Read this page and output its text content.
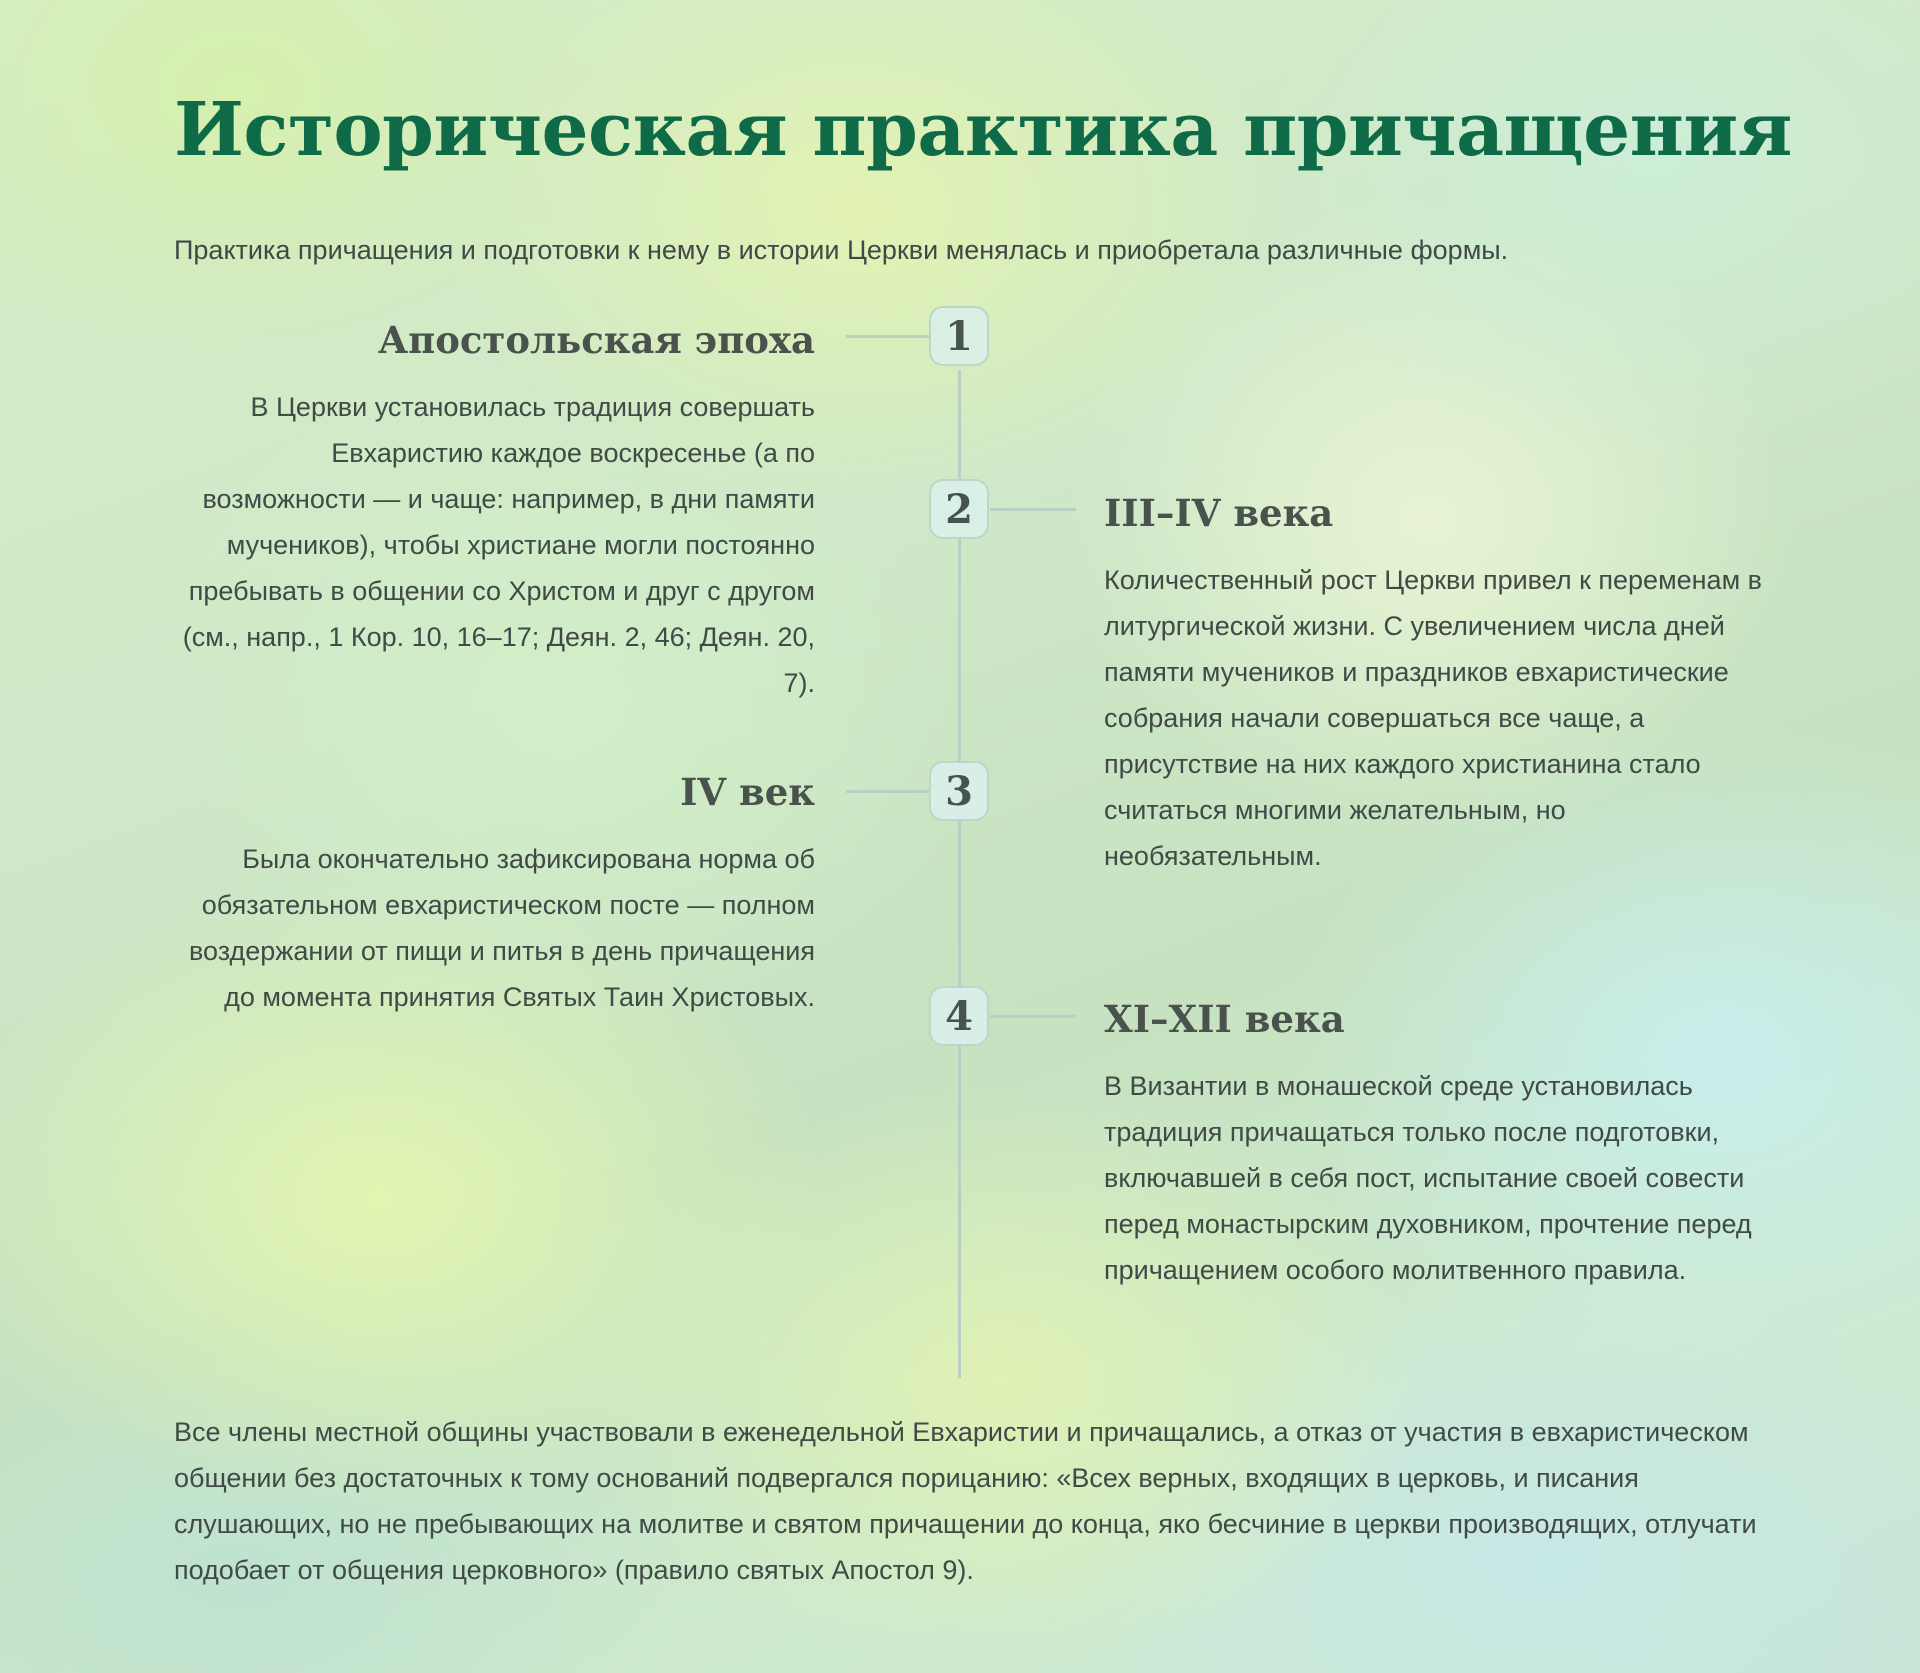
Историческая практика причащения

Практика причащения и подготовки к нему в истории Церкви менялась и приобретала различные формы.

1
2
3
4
Апостольская эпоха

В Церкви установилась традиция совершать Евхаристию каждое воскресенье (а по возможности — и чаще: например, в дни памяти мучеников), чтобы христиане могли постоянно пребывать в общении со Христом и друг с другом (см., напр., 1 Кор. 10, 16–17; Деян. 2, 46; Деян. 20, 7).

III–IV века

Количественный рост Церкви привел к переменам в литургической жизни. С увеличением числа дней памяти мучеников и праздников евхаристические собрания начали совершаться все чаще, а присутствие на них каждого христианина стало считаться многими желательным, но необязательным.

IV век

Была окончательно зафиксирована норма об обязательном евхаристическом посте — полном воздержании от пищи и питья в день причащения до момента принятия Святых Таин Христовых.	XI–XII века

В Византии в монашеской среде установилась традиция причащаться только после подготовки, включавшей в себя пост, испытание своей совести перед монастырским духовником, прочтение перед причащением особого молитвенного правила.

Все члены местной общины участвовали в еженедельной Евхаристии и причащались, а отказ от участия в евхаристическом общении без достаточных к тому оснований подвергался порицанию: «Всех верных, входящих в церковь, и писания слушающих, но не пребывающих на молитве и святом причащении до конца, яко бесчиние в церкви производящих, отлучати подобает от общения церковного» (правило святых Апостол 9).
